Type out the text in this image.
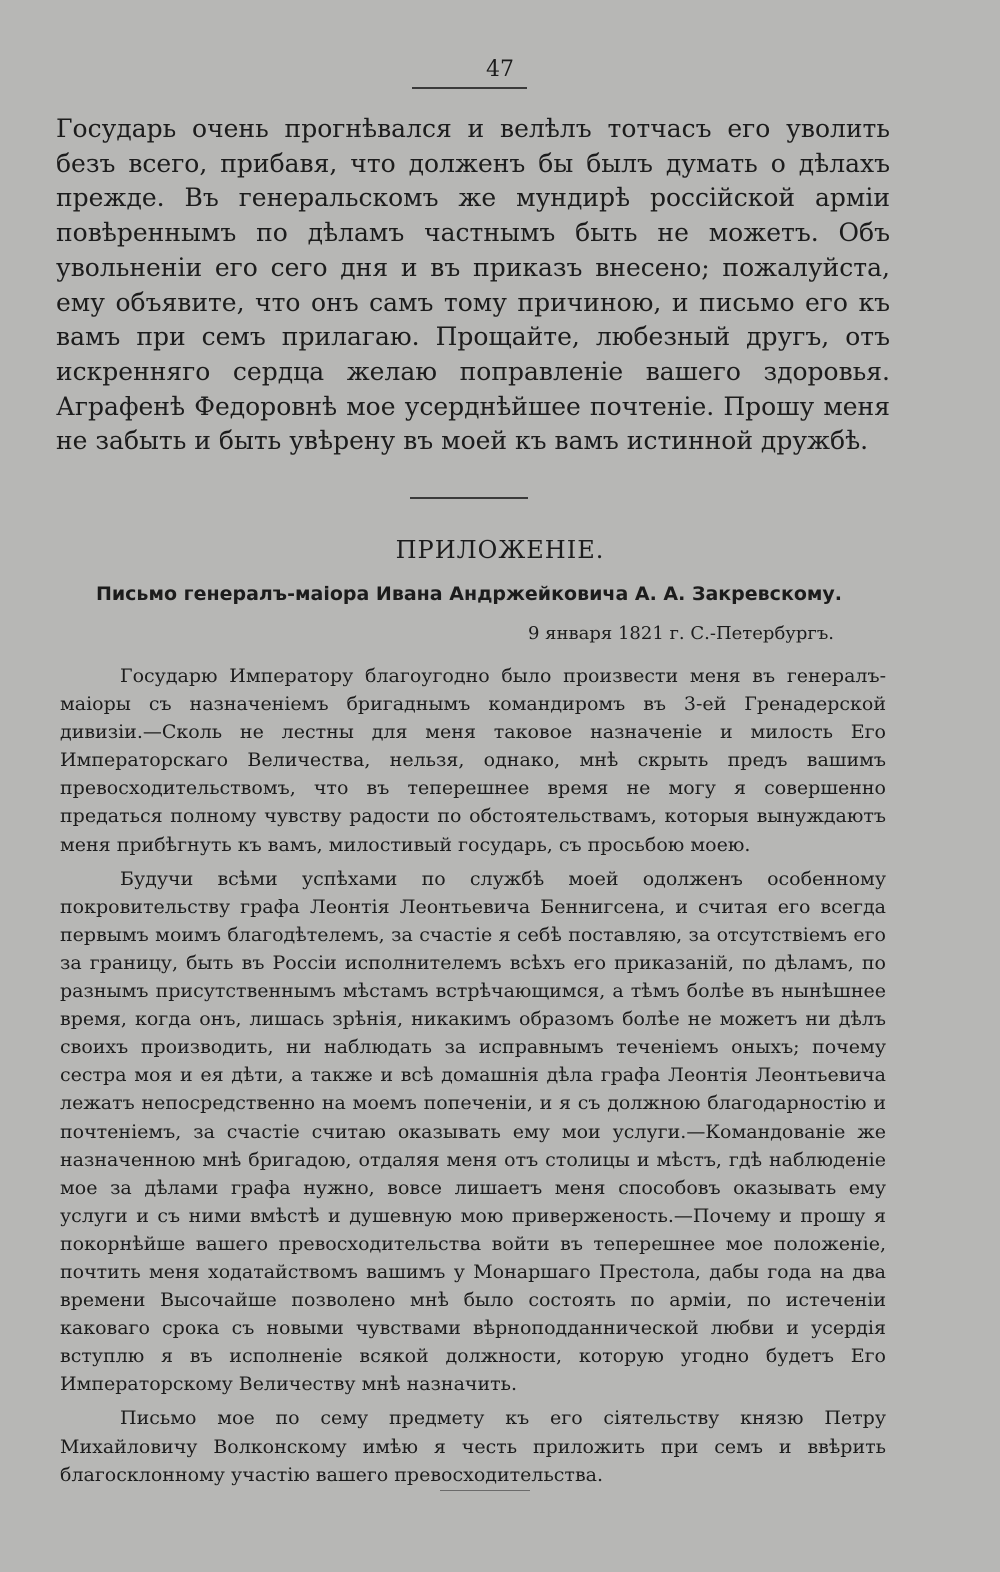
47

Государь очень прогнѣвался и велѣлъ тотчасъ его уволить безъ всего, прибавя, что долженъ бы былъ думать о дѣлахъ прежде. Въ генеральскомъ же мундирѣ россійской арміи повѣреннымъ по дѣламъ частнымъ быть не можетъ. Объ увольненіи его сего дня и въ приказъ внесено; пожалуйста, ему объявите, что онъ самъ тому причиною, и письмо его къ вамъ при семъ прилагаю. Прощайте, любезный другъ, отъ искренняго сердца желаю поправленіе вашего здоровья. Аграфенѣ Федоровнѣ мое усерднѣйшее почтеніе. Прошу меня не забыть и быть увѣрену въ моей къ вамъ истинной дружбѣ.

ПРИЛОЖЕНІЕ.
Письмо генералъ-маіора Ивана Андржейковича А. А. Закревскому.

9 января 1821 г. С.-Петербургъ.

Государю Императору благоугодно было произвести меня въ генералъ-маіоры съ назначеніемъ бригаднымъ командиромъ въ 3-ей Гренадерской дивизіи.—Сколь не лестны для меня таковое назначеніе и милость Его Императорскаго Величества, нельзя, однако, мнѣ скрыть предъ вашимъ превосходительствомъ, что въ теперешнее время не могу я совершенно предаться полному чувству радости по обстоятельствамъ, которыя вынуждаютъ меня прибѣгнуть къ вамъ, милостивый государь, съ просьбою моею.

Будучи всѣми успѣхами по службѣ моей одолженъ особенному покровительству графа Леонтія Леонтьевича Беннигсена, и считая его всегда первымъ моимъ благодѣтелемъ, за счастіе я себѣ поставляю, за отсутствіемъ его за границу, быть въ Россіи исполнителемъ всѣхъ его приказаній, по дѣламъ, по разнымъ присутственнымъ мѣстамъ встрѣчающимся, а тѣмъ болѣе въ нынѣшнее время, когда онъ, лишась зрѣнія, никакимъ образомъ болѣе не можетъ ни дѣлъ своихъ производить, ни наблюдать за исправнымъ теченіемъ оныхъ; почему сестра моя и ея дѣти, а также и всѣ домашнія дѣла графа Леонтія Леонтьевича лежатъ непосредственно на моемъ попеченіи, и я съ должною благодарностію и почтеніемъ, за счастіе считаю оказывать ему мои услуги.—Командованіе же назначенною мнѣ бригадою, отдаляя меня отъ столицы и мѣстъ, гдѣ наблюденіе мое за дѣлами графа нужно, вовсе лишаетъ меня способовъ оказывать ему услуги и съ ними вмѣстѣ и душевную мою приверженость.—Почему и прошу я покорнѣйше вашего превосходительства войти въ теперешнее мое положеніе, почтить меня ходатайствомъ вашимъ у Монаршаго Престола, дабы года на два времени Высочайше позволено мнѣ было состоять по арміи, по истеченіи каковаго срока съ новыми чувствами вѣрноподданнической любви и усердія вступлю я въ исполненіе всякой должности, которую угодно будетъ Его Императорскому Величеству мнѣ назначить.

Письмо мое по сему предмету къ его сіятельству князю Петру Михайловичу Волконскому имѣю я честь приложить при семъ и ввѣрить благосклонному участію вашего превосходительства.
